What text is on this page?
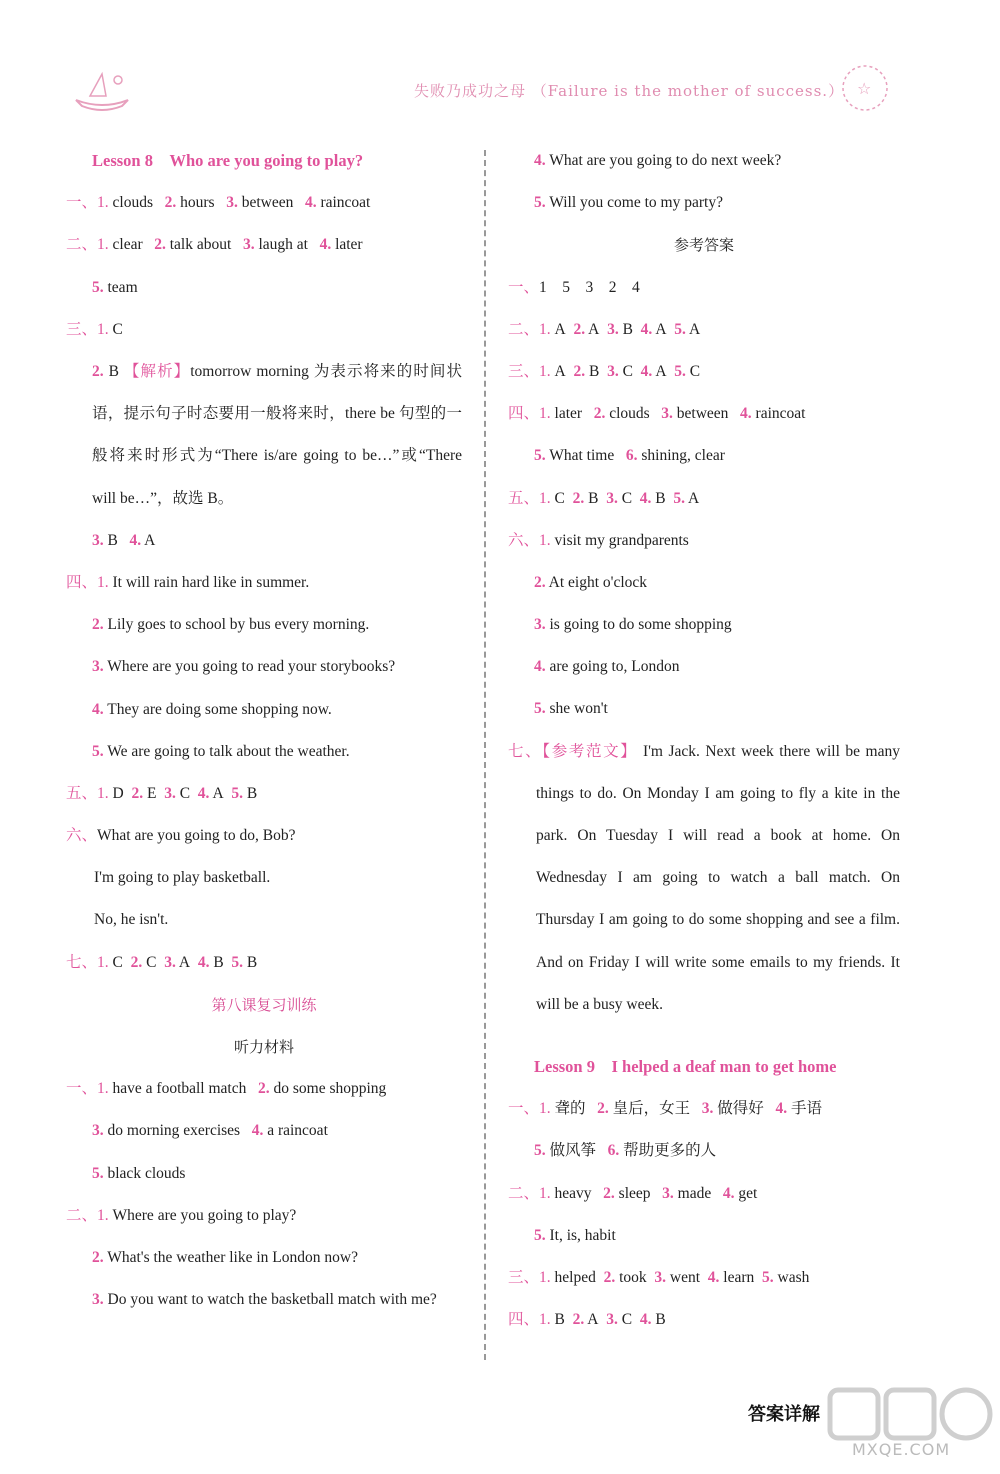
失败乃成功之母 （Failure is the mother of success.） ☆
Lesson 8　Who are you going to play?
一、1. clouds 2. hours 3. between 4. raincoat
二、1. clear 2. talk about 3. laugh at 4. later
5. team
三、1. C
2. B 【解析】tomorrow morning 为表示将来的时间状语，提示句子时态要用一般将来时，there be 句型的一般将来时形式为“There is/are going to be…”或“There will be…”，故选 B。
3. B 4. A
四、1. It will rain hard like in summer.
2. Lily goes to school by bus every morning.
3. Where are you going to read your storybooks?
4. They are doing some shopping now.
5. We are going to talk about the weather.
五、1. D 2. E 3. C 4. A 5. B
六、What are you going to do, Bob?
I'm going to play basketball.
No, he isn't.
七、1. C 2. C 3. A 4. B 5. B
第八课复习训练
听力材料
一、1. have a football match 2. do some shopping
3. do morning exercises 4. a raincoat
5. black clouds
二、1. Where are you going to play?
2. What's the weather like in London now?
3. Do you want to watch the basketball match with me?
4. What are you going to do next week?
5. Will you come to my party?
参考答案
一、1　5　3　2　4
二、1. A 2. A 3. B 4. A 5. A
三、1. A 2. B 3. C 4. A 5. C
四、1. later 2. clouds 3. between 4. raincoat
5. What time 6. shining, clear
五、1. C 2. B 3. C 4. B 5. A
六、1. visit my grandparents
2. At eight o'clock
3. is going to do some shopping
4. are going to, London
5. she won't
七、【参考范文】 I'm Jack. Next week there will be many things to do. On Monday I am going to fly a kite in the park. On Tuesday I will read a book at home. On Wednesday I am going to watch a ball match. On Thursday I am going to do some shopping and see a film. And on Friday I will write some emails to my friends. It will be a busy week.
Lesson 9　I helped a deaf man to get home
一、1. 聋的 2. 皇后，女王 3. 做得好 4. 手语
5. 做风筝 6. 帮助更多的人
二、1. heavy 2. sleep 3. made 4. get
5. It, is, habit
三、1. helped 2. took 3. went 4. learn 5. wash
四、1. B 2. A 3. C 4. B
答案详解
MXQE.COM
